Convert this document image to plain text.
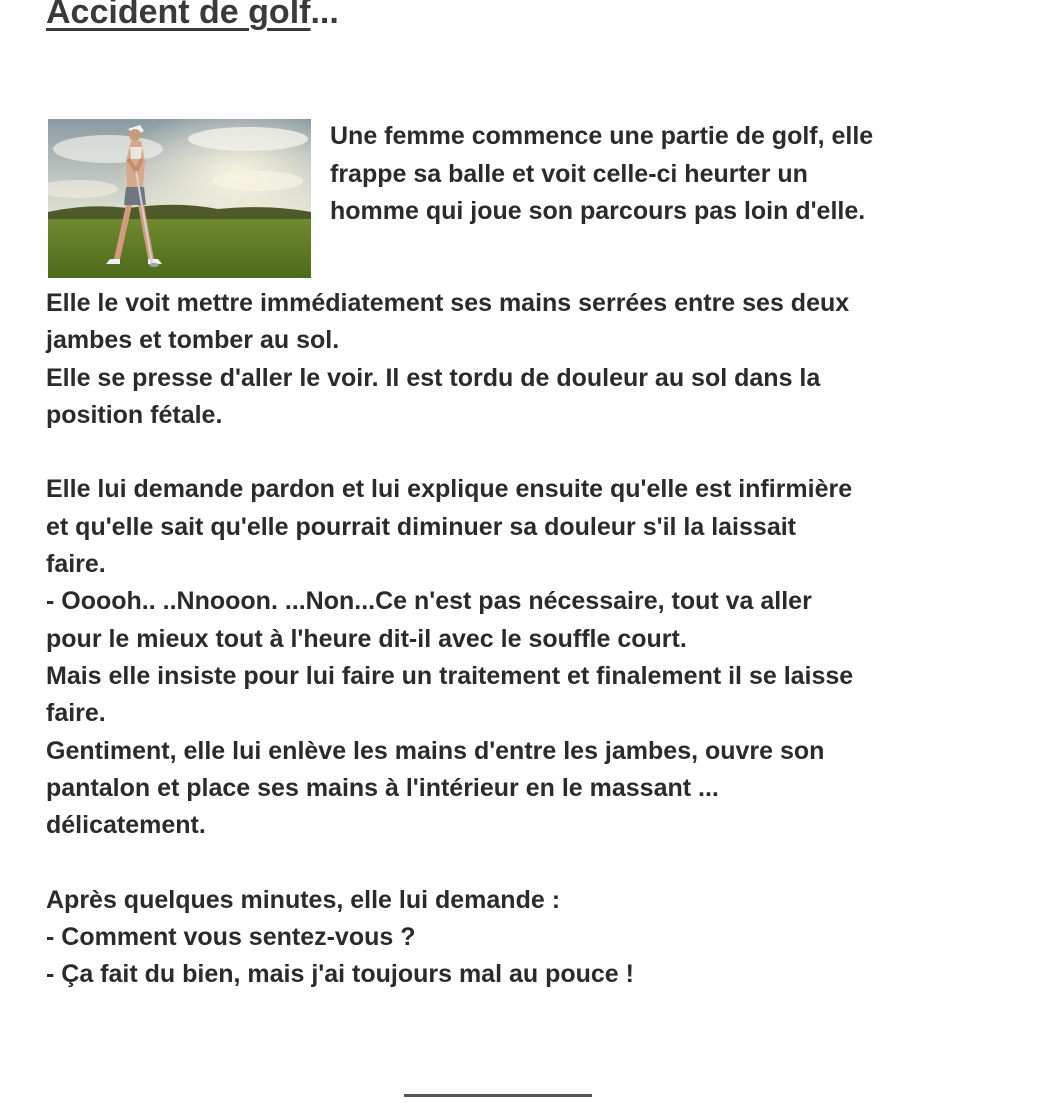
Accident de golf...
Une femme commence une partie de golf, elle
frappe sa balle et voit celle-ci heurter un
homme qui joue son parcours pas loin d'elle.
Elle le voit mettre immédiatement ses mains serrées entre ses deux
jambes et tomber au sol.
Elle se presse d'aller le voir. Il est tordu de douleur au sol dans la
position fétale.
Elle lui demande pardon et lui explique ensuite qu'elle est infirmière
et qu'elle sait qu'elle pourrait diminuer sa douleur s'il la laissait
faire.
- Ooooh.. ..Nnooon. ...Non...Ce n'est pas nécessaire, tout va aller
pour le mieux tout à l'heure dit-il avec le souffle court.
Mais elle insiste pour lui faire un traitement et finalement il se laisse
faire.
Gentiment, elle lui enlève les mains d'entre les jambes, ouvre son
pantalon et place ses mains à l'intérieur en le massant ...
délicatement.
Après quelques minutes, elle lui demande :
- Comment vous sentez-vous ?
- Ça fait du bien, mais j'ai toujours mal au pouce !
